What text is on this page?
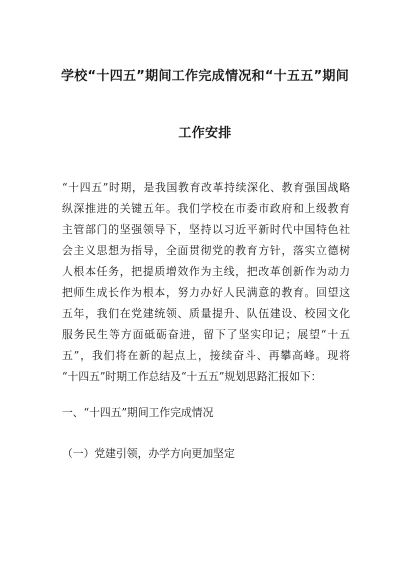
学校“十四五”期间工作完成情况和“十五五”期间
工作安排
“十四五”时期，是我国教育改革持续深化、教育强国战略
纵深推进的关键五年。我们学校在市委市政府和上级教育
主管部门的坚强领导下，坚持以习近平新时代中国特色社
会主义思想为指导，全面贯彻党的教育方针，落实立德树
人根本任务，把提质增效作为主线，把改革创新作为动力
把师生成长作为根本，努力办好人民满意的教育。回望这
五年，我们在党建统领、质量提升、队伍建设、校园文化
服务民生等方面砥砺奋进，留下了坚实印记；展望“十五
五”，我们将在新的起点上，接续奋斗、再攀高峰。现将
“十四五”时期工作总结及“十五五”规划思路汇报如下：
一、“十四五”期间工作完成情况
（一）党建引领，办学方向更加坚定
